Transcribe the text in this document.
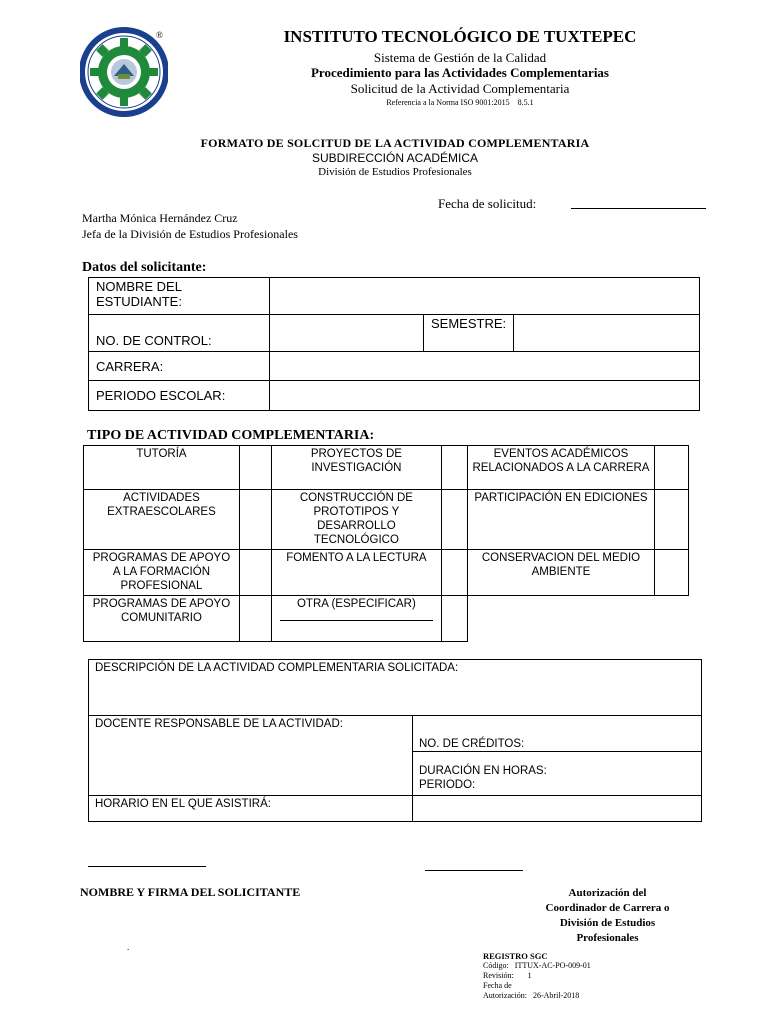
®	INSTITUTO TECNOLÓGICO DE TUXTEPEC
Sistema de Gestión de la Calidad
Procedimiento para las Actividades Complementarias
Solicitud de la Actividad Complementaria
Referencia a la Norma ISO 9001:2015    8.5.1
FORMATO DE SOLCITUD DE LA ACTIVIDAD COMPLEMENTARIA
SUBDIRECCIÓN ACADÉMICA
División de Estudios Profesionales
Fecha de solicitud:
Martha Mónica Hernández Cruz
Jefa de la División de Estudios Profesionales
Datos del solicitante:
NOMBRE DEL ESTUDIANTE:			
NO. DE CONTROL:		SEMESTRE:	
CARRERA:			
PERIODO ESCOLAR:			
TIPO DE ACTIVIDAD COMPLEMENTARIA:
TUTORÍA		PROYECTOS DE INVESTIGACIÓN		EVENTOS ACADÉMICOS RELACIONADOS A LA CARRERA	
ACTIVIDADES EXTRAESCOLARES		CONSTRUCCIÓN DE PROTOTIPOS Y DESARROLLO TECNOLÓGICO		PARTICIPACIÓN EN EDICIONES	
PROGRAMAS DE APOYO A LA FORMACIÓN PROFESIONAL		FOMENTO A LA LECTURA		CONSERVACION DEL MEDIO AMBIENTE	
PROGRAMAS DE APOYO COMUNITARIO		OTRA (ESPECIFICAR)			

DESCRIPCIÓN DE LA ACTIVIDAD COMPLEMENTARIA SOLICITADA:	
DOCENTE RESPONSABLE DE LA ACTIVIDAD:	NO. DE CRÉDITOS:

	DURACIÓN EN HORAS:
PERIODO:

HORARIO EN EL QUE ASISTIRÁ:	
NOMBRE Y FIRMA DEL SOLICITANTE	Autorización del
Coordinador de Carrera o
División de Estudios
Profesionales
.
REGISTRO SGC
Código:   ITTUX-AC-PO-009-01
Revisión:       1
Fecha de
Autorización:   26-Abril-2018
